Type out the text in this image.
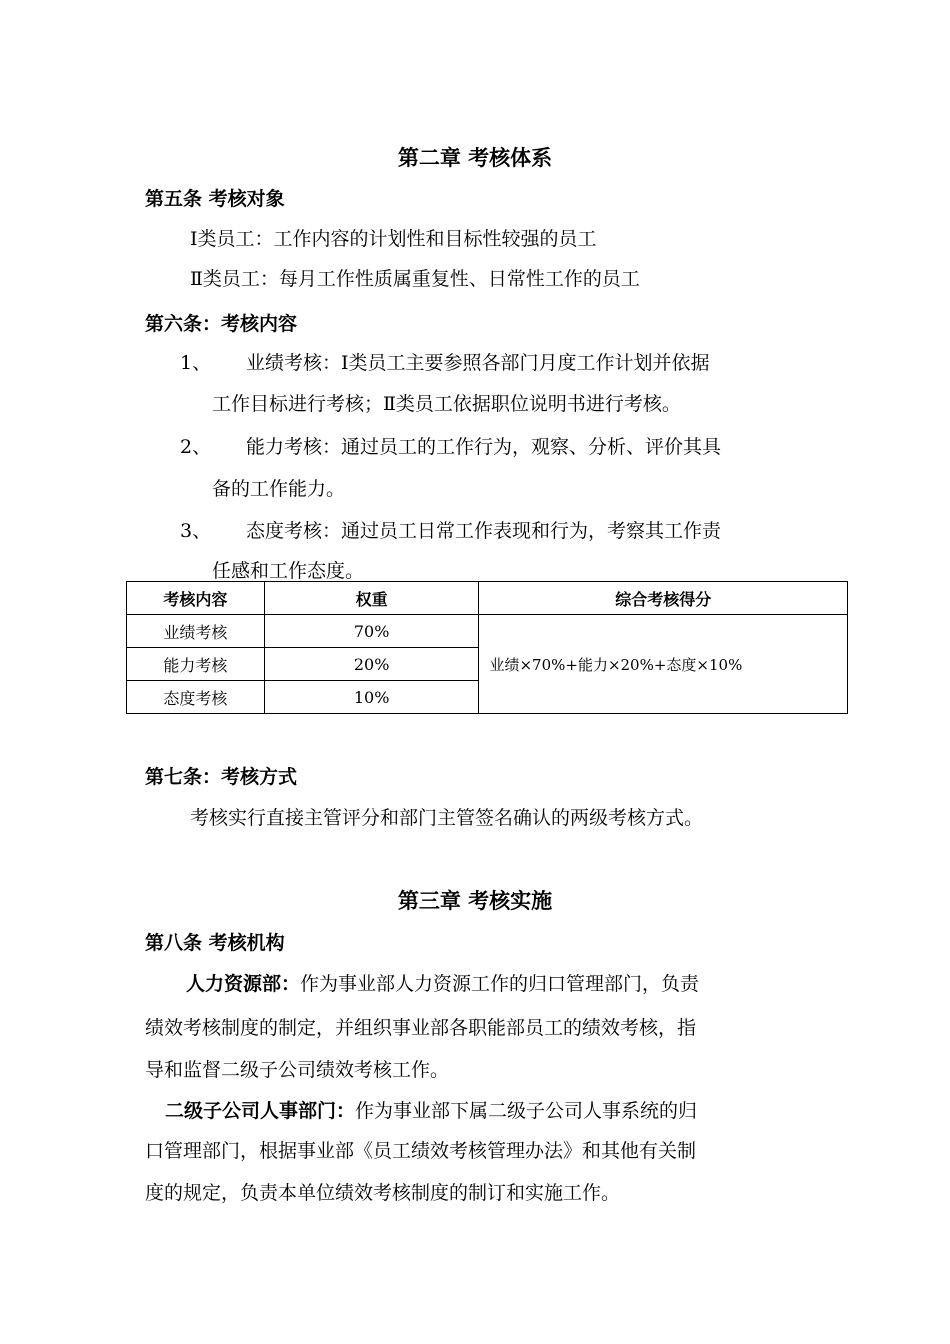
第二章 考核体系
第五条 考核对象
Ⅰ类员工：工作内容的计划性和目标性较强的员工
Ⅱ类员工：每月工作性质属重复性、日常性工作的员工
第六条：考核内容
1、 业绩考核：Ⅰ类员工主要参照各部门月度工作计划并依据
工作目标进行考核；Ⅱ类员工依据职位说明书进行考核。
2、 能力考核：通过员工的工作行为，观察、分析、评价其具
备的工作能力。
3、 态度考核：通过员工日常工作表现和行为，考察其工作责
任感和工作态度。
考核内容	权重	综合考核得分
业绩考核	70%	业绩×70%+能力×20%+态度×10%
能力考核	20%	
态度考核	10%	
第七条：考核方式
考核实行直接主管评分和部门主管签名确认的两级考核方式。
第三章 考核实施
第八条 考核机构
人力资源部：作为事业部人力资源工作的归口管理部门，负责
绩效考核制度的制定，并组织事业部各职能部员工的绩效考核，指
导和监督二级子公司绩效考核工作。
二级子公司人事部门：作为事业部下属二级子公司人事系统的归
口管理部门，根据事业部《员工绩效考核管理办法》和其他有关制
度的规定，负责本单位绩效考核制度的制订和实施工作。
